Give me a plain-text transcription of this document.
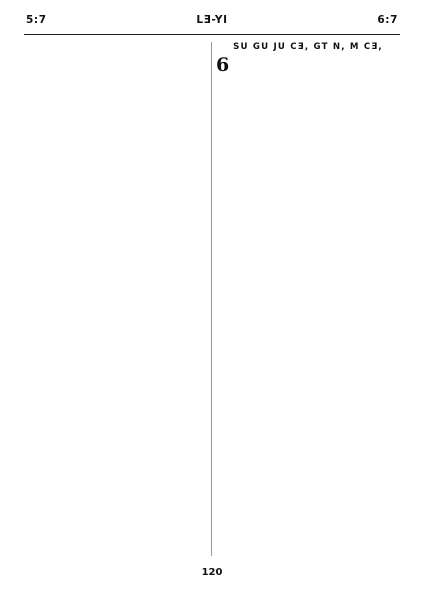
5:7	LƎ-YI	6:7
SU GU JU CƎ, GT N, M CƎ,
6
120
